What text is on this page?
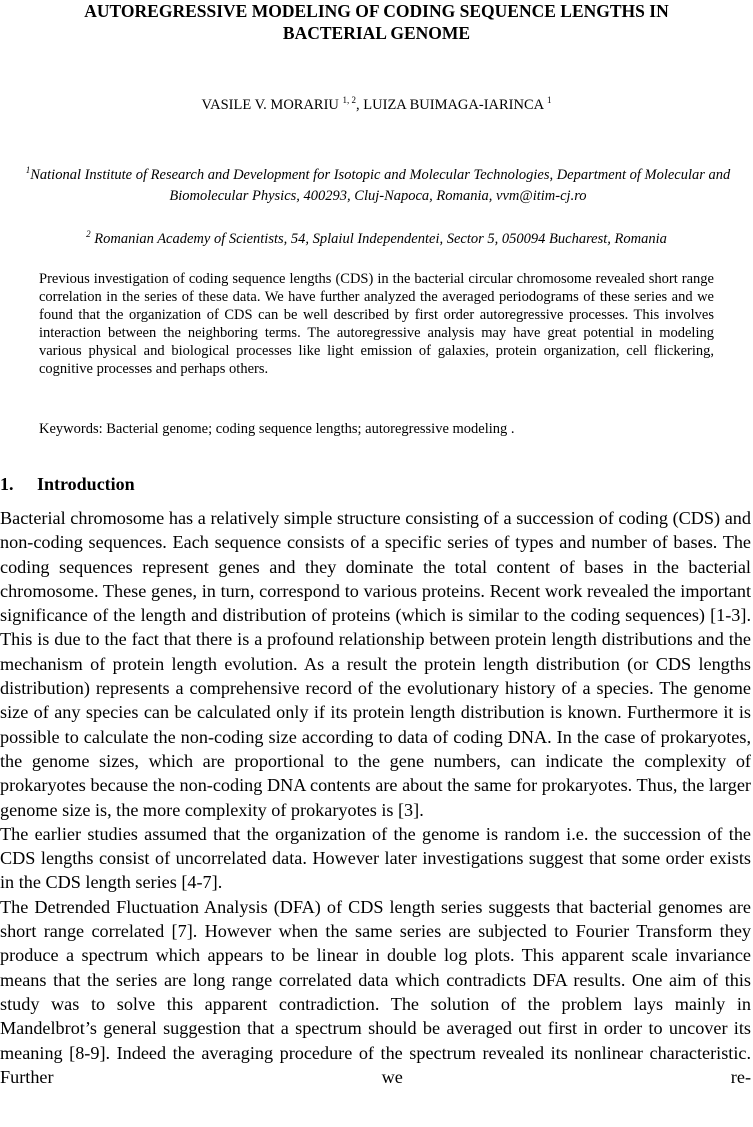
AUTOREGRESSIVE MODELING OF CODING SEQUENCE LENGTHS IN
BACTERIAL GENOME
VASILE V. MORARIU $^{1, 2}$, LUIZA BUIMAGA-IARINCA $^1$
$^1$National Institute of Research and Development for Isotopic and Molecular Technologies, Department of Molecular and Biomolecular Physics, 400293, Cluj-Napoca, Romania, vvm@itim-cj.ro
$^2$ Romanian Academy of Scientists, 54, Splaiul Independentei, Sector 5, 050094 Bucharest, Romania
Previous investigation of coding sequence lengths (CDS) in the bacterial circular chromosome revealed short range correlation in the series of these data. We have further analyzed the averaged periodograms of these series and we found that the organization of CDS can be well described by first order autoregressive processes. This involves interaction between the neighboring terms. The autoregressive analysis may have great potential in modeling various physical and biological processes like light emission of galaxies, protein organization, cell flickering, cognitive processes and perhaps others.
Keywords: Bacterial genome; coding sequence lengths; autoregressive modeling .
1. Introduction

Bacterial chromosome has a relatively simple structure consisting of a succession of coding (CDS) and non-coding sequences. Each sequence consists of a specific series of types and number of bases. The coding sequences represent genes and they dominate the total content of bases in the bacterial chromosome. These genes, in turn, correspond to various proteins. Recent work revealed the important significance of the length and distribution of proteins (which is similar to the coding sequences) [1-3]. This is due to the fact that there is a profound relationship between protein length distributions and the mechanism of protein length evolution. As a result the protein length distribution (or CDS lengths distribution) represents a comprehensive record of the evolutionary history of a species. The genome size of any species can be calculated only if its protein length distribution is known. Furthermore it is possible to calculate the non-coding size according to data of coding DNA. In the case of prokaryotes, the genome sizes, which are proportional to the gene numbers, can indicate the complexity of prokaryotes because the non-coding DNA contents are about the same for prokaryotes. Thus, the larger genome size is, the more complexity of prokaryotes is [3].

The earlier studies assumed that the organization of the genome is random i.e. the succession of the CDS lengths consist of uncorrelated data. However later investigations suggest that some order exists in the CDS length series [4-7].

The Detrended Fluctuation Analysis (DFA) of CDS length series suggests that bacterial genomes are short range correlated [7]. However when the same series are subjected to Fourier Transform they produce a spectrum which appears to be linear in double log plots. This apparent scale invariance means that the series are long range correlated data which contradicts DFA results. One aim of this study was to solve this apparent contradiction. The solution of the problem lays mainly in Mandelbrot’s general suggestion that a spectrum should be averaged out first in order to uncover its meaning [8-9]. Indeed the averaging procedure of the spectrum revealed its nonlinear characteristic. Further we re-
